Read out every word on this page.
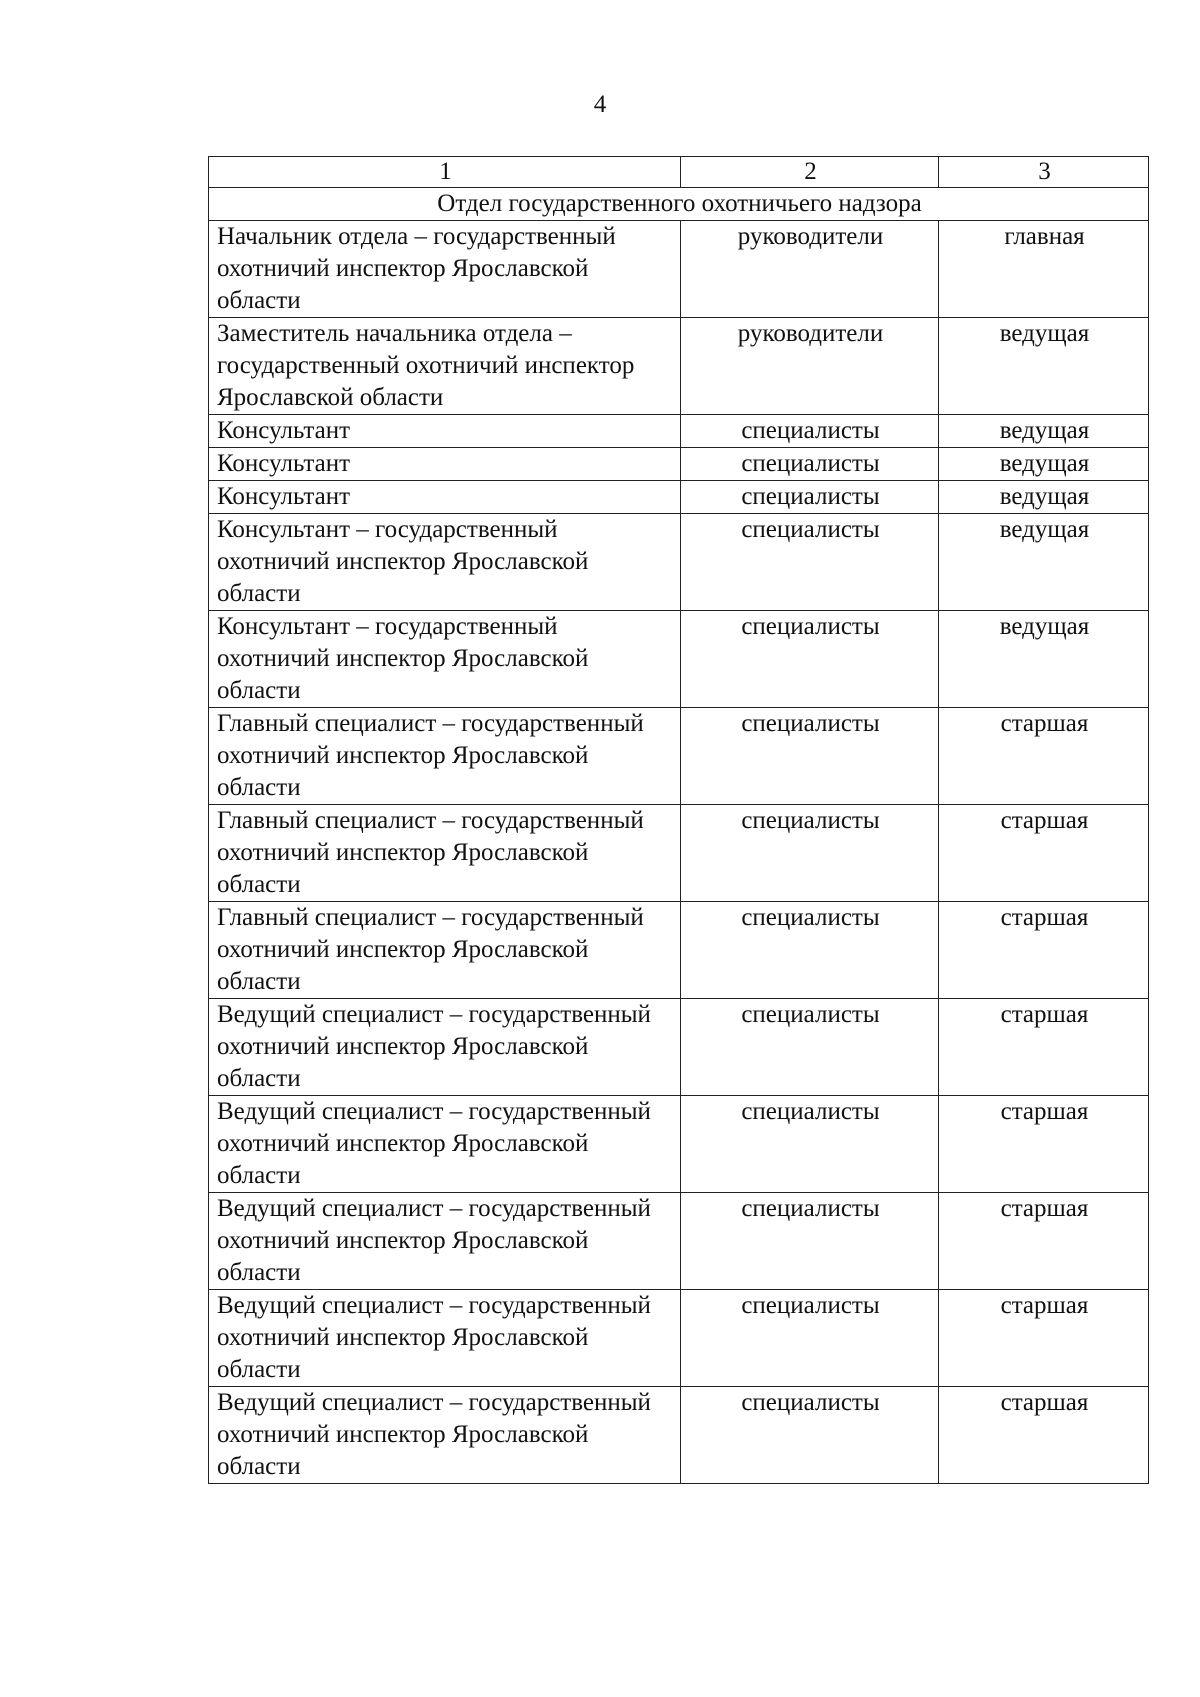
4
1	2	3
Отдел государственного охотничьего надзора		
Начальник отдела – государственный охотничий инспектор Ярославской области	руководители	главная
Заместитель начальника отдела – государственный охотничий инспектор Ярославской области	руководители	ведущая
Консультант	специалисты	ведущая
Консультант	специалисты	ведущая
Консультант	специалисты	ведущая
Консультант – государственный охотничий инспектор Ярославской области	специалисты	ведущая
Консультант – государственный охотничий инспектор Ярославской области	специалисты	ведущая
Главный специалист – государственный охотничий инспектор Ярославской области	специалисты	старшая
Главный специалист – государственный охотничий инспектор Ярославской области	специалисты	старшая
Главный специалист – государственный охотничий инспектор Ярославской области	специалисты	старшая
Ведущий специалист – государственный охотничий инспектор Ярославской области	специалисты	старшая
Ведущий специалист – государственный охотничий инспектор Ярославской области	специалисты	старшая
Ведущий специалист – государственный охотничий инспектор Ярославской области	специалисты	старшая
Ведущий специалист – государственный охотничий инспектор Ярославской области	специалисты	старшая
Ведущий специалист – государственный охотничий инспектор Ярославской области	специалисты	старшая
